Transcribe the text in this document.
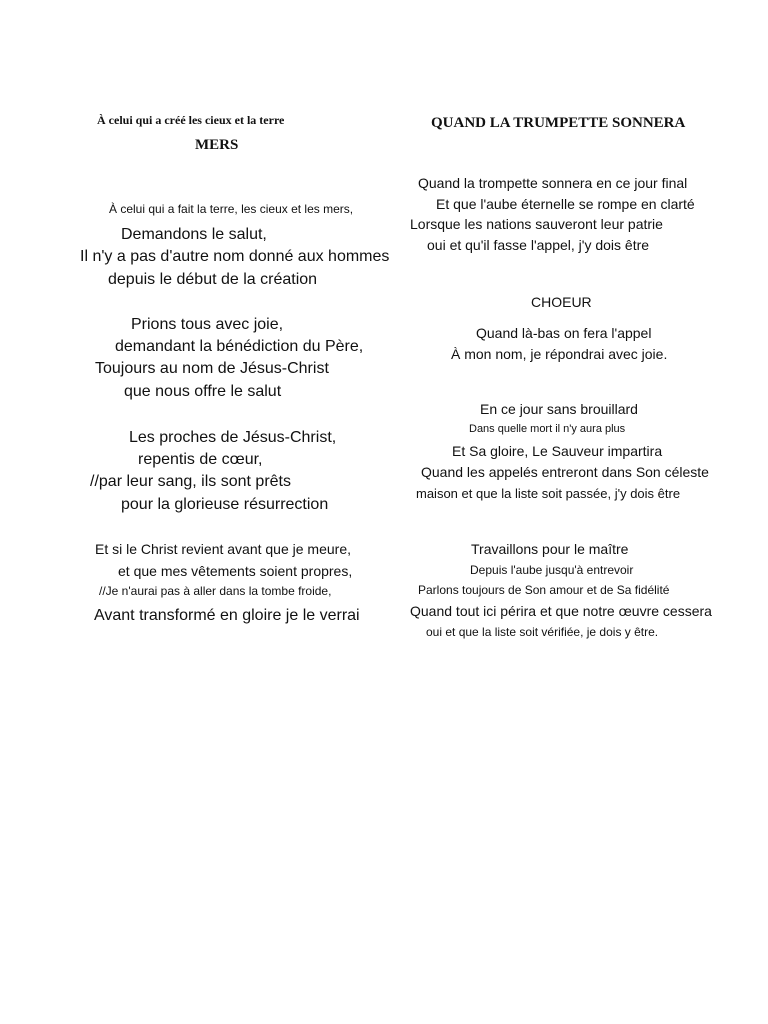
À celui qui a créé les cieux et la terre
MERS
À celui qui a fait la terre, les cieux et les mers,
Demandons le salut,
Il n'y a pas d'autre nom donné aux hommes
depuis le début de la création
Prions tous avec joie,
demandant la bénédiction du Père,
Toujours au nom de Jésus-Christ
que nous offre le salut
Les proches de Jésus-Christ,
repentis de cœur,
//par leur sang, ils sont prêts
pour la glorieuse résurrection
Et si le Christ revient avant que je meure,
et que mes vêtements soient propres,
//Je n'aurai pas à aller dans la tombe froide,
Avant transformé en gloire je le verrai
QUAND LA TRUMPETTE SONNERA
Quand la trompette sonnera en ce jour final
Et que l'aube éternelle se rompe en clarté
Lorsque les nations sauveront leur patrie
oui et qu'il fasse l'appel, j'y dois être
CHOEUR
Quand là-bas on fera l'appel
À mon nom, je répondrai avec joie.
En ce jour sans brouillard
Dans quelle mort il n'y aura plus
Et Sa gloire, Le Sauveur impartira
Quand les appelés entreront dans Son céleste
maison et que la liste soit passée, j'y dois être
Travaillons pour le maître
Depuis l'aube jusqu'à entrevoir
Parlons toujours de Son amour et de Sa fidélité
Quand tout ici périra et que notre œuvre cessera
oui et que la liste soit vérifiée, je dois y être.
